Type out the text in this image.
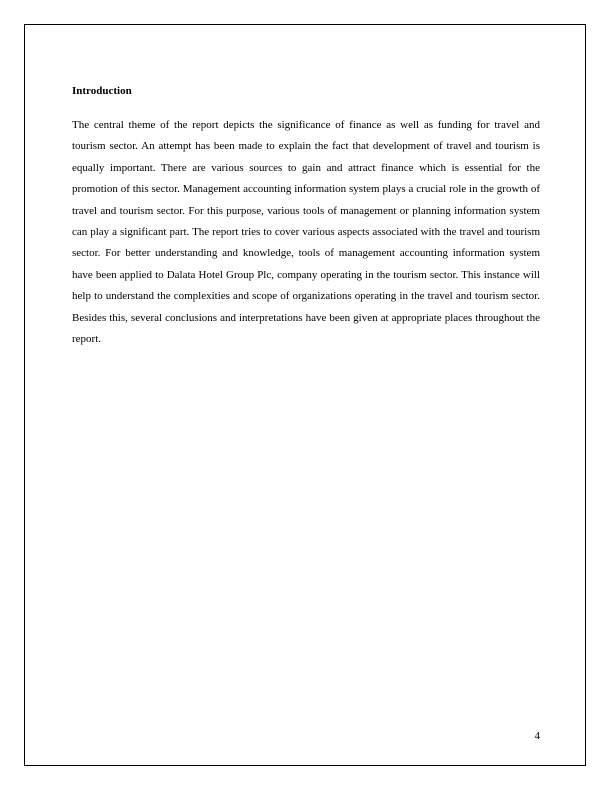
Introduction

The central theme of the report depicts the significance of finance as well as funding for travel and tourism sector. An attempt has been made to explain the fact that development of travel and tourism is equally important. There are various sources to gain and attract finance which is essential for the promotion of this sector. Management accounting information system plays a crucial role in the growth of travel and tourism sector. For this purpose, various tools of management or planning information system can play a significant part. The report tries to cover various aspects associated with the travel and tourism sector. For better understanding and knowledge, tools of management accounting information system have been applied to Dalata Hotel Group Plc, company operating in the tourism sector. This instance will help to understand the complexities and scope of organizations operating in the travel and tourism sector. Besides this, several conclusions and interpretations have been given at appropriate places throughout the report.

4
